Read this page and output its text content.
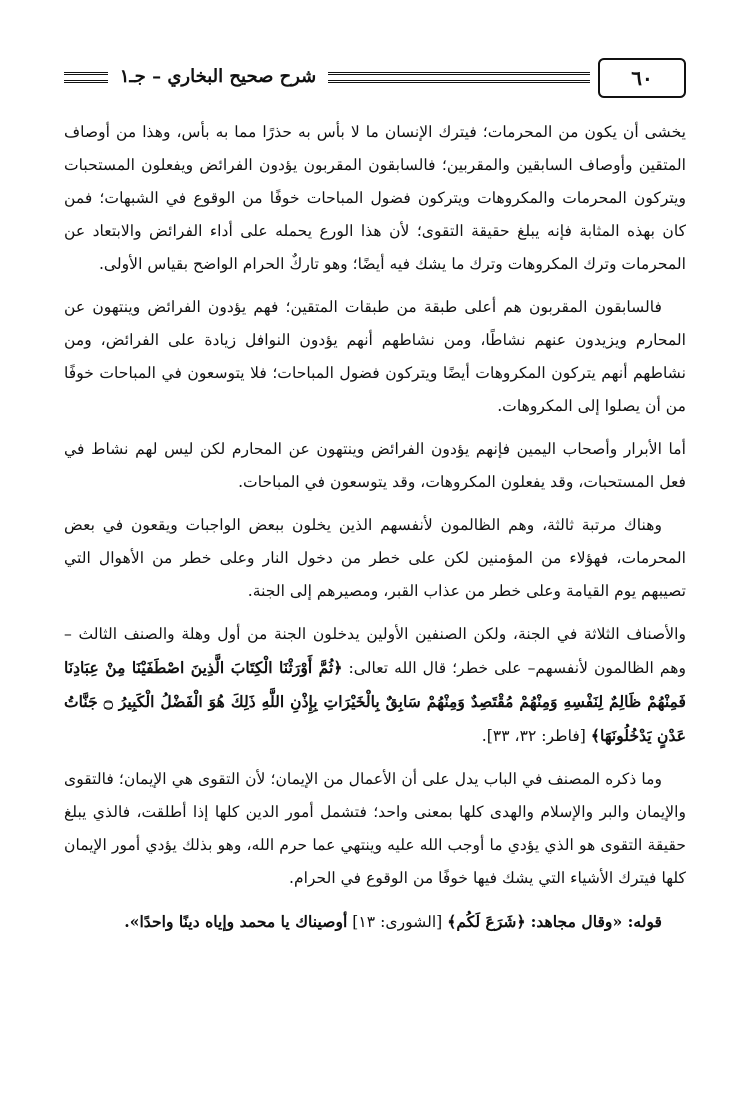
شرح صحيح البخاري – جـ١	٦٠

يخشى أن يكون من المحرمات؛ فيترك الإنسان ما لا بأس به حذرًا مما به بأس، وهذا من أوصاف المتقين وأوصاف السابقين والمقربين؛ فالسابقون المقربون يؤدون الفرائض ويفعلون المستحبات ويتركون المحرمات والمكروهات ويتركون فضول المباحات خوفًا من الوقوع في الشبهات؛ فمن كان بهذه المثابة فإنه يبلغ حقيقة التقوى؛ لأن هذا الورع يحمله على أداء الفرائض والابتعاد عن المحرمات وترك المكروهات وترك ما يشك فيه أيضًا؛ وهو تاركٌ الحرام الواضح بقياس الأولى.

فالسابقون المقربون هم أعلى طبقة من طبقات المتقين؛ فهم يؤدون الفرائض وينتهون عن المحارم ويزيدون عنهم نشاطًا، ومن نشاطهم أنهم يؤدون النوافل زيادة على الفرائض، ومن نشاطهم أنهم يتركون المكروهات أيضًا ويتركون فضول المباحات؛ فلا يتوسعون في المباحات خوفًا من أن يصلوا إلى المكروهات.

أما الأبرار وأصحاب اليمين فإنهم يؤدون الفرائض وينتهون عن المحارم لكن ليس لهم نشاط في فعل المستحبات، وقد يفعلون المكروهات، وقد يتوسعون في المباحات.

وهناك مرتبة ثالثة، وهم الظالمون لأنفسهم الذين يخلون ببعض الواجبات ويقعون في بعض المحرمات، فهؤلاء من المؤمنين لكن على خطر من دخول النار وعلى خطر من الأهوال التي تصيبهم يوم القيامة وعلى خطر من عذاب القبر، ومصيرهم إلى الجنة.

والأصناف الثلاثة في الجنة، ولكن الصنفين الأولين يدخلون الجنة من أول وهلة والصنف الثالث –وهم الظالمون لأنفسهم– على خطر؛ قال الله تعالى: ﴿ثُمَّ أَوْرَثْنَا الْكِتَابَ الَّذِينَ اصْطَفَيْنَا مِنْ عِبَادِنَا فَمِنْهُمْ ظَالِمٌ لِنَفْسِهِ وَمِنْهُمْ مُقْتَصِدٌ وَمِنْهُمْ سَابِقٌ بِالْخَيْرَاتِ بِإِذْنِ اللَّهِ ذَلِكَ هُوَ الْفَضْلُ الْكَبِيرُ ۝ جَنَّاتُ عَدْنٍ يَدْخُلُونَهَا﴾ [فاطر: ٣٢، ٣٣].

وما ذكره المصنف في الباب يدل على أن الأعمال من الإيمان؛ لأن التقوى هي الإيمان؛ فالتقوى والإيمان والبر والإسلام والهدى كلها بمعنى واحد؛ فتشمل أمور الدين كلها إذا أطلقت، فالذي يبلغ حقيقة التقوى هو الذي يؤدي ما أوجب الله عليه وينتهي عما حرم الله، وهو بذلك يؤدي أمور الإيمان كلها فيترك الأشياء التي يشك فيها خوفًا من الوقوع في الحرام.

قوله: «وقال مجاهد: ﴿شَرَعَ لَكُم﴾ [الشورى: ١٣] أوصيناك يا محمد وإياه دينًا واحدًا».
